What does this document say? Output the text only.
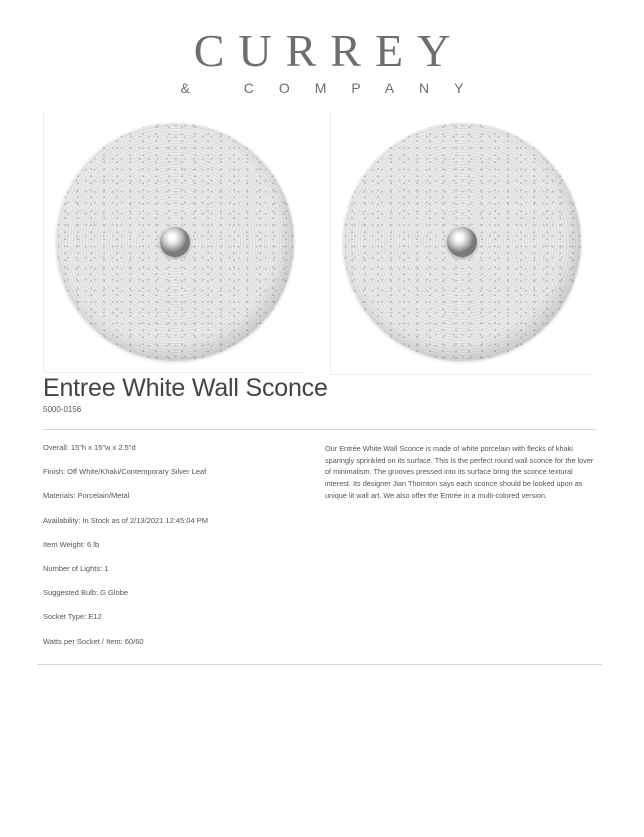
CURREY
& COMPANY
Entree White Wall Sconce
5000-0156
Overall: 15"h x 15"w x 2.5"d
Finish: Off White/Khaki/Contemporary Silver Leaf
Materials: Porcelain/Metal
Availability: In Stock as of 2/13/2021 12:45:04 PM
Item Weight: 6 lb
Number of Lights: 1
Suggested Bulb: G Globe
Socket Type: E12
Watts per Socket / Item: 60/60
Our Entrée White Wall Sconce is made of white porcelain with flecks of khaki sparingly sprinkled on its surface. This is the perfect round wall sconce for the lover of minimalism. The grooves pressed into its surface bring the sconce textural interest. Its designer Jian Thornton says each sconce should be looked upon as unique lit wall art. We also offer the Entrée in a multi-colored version.
